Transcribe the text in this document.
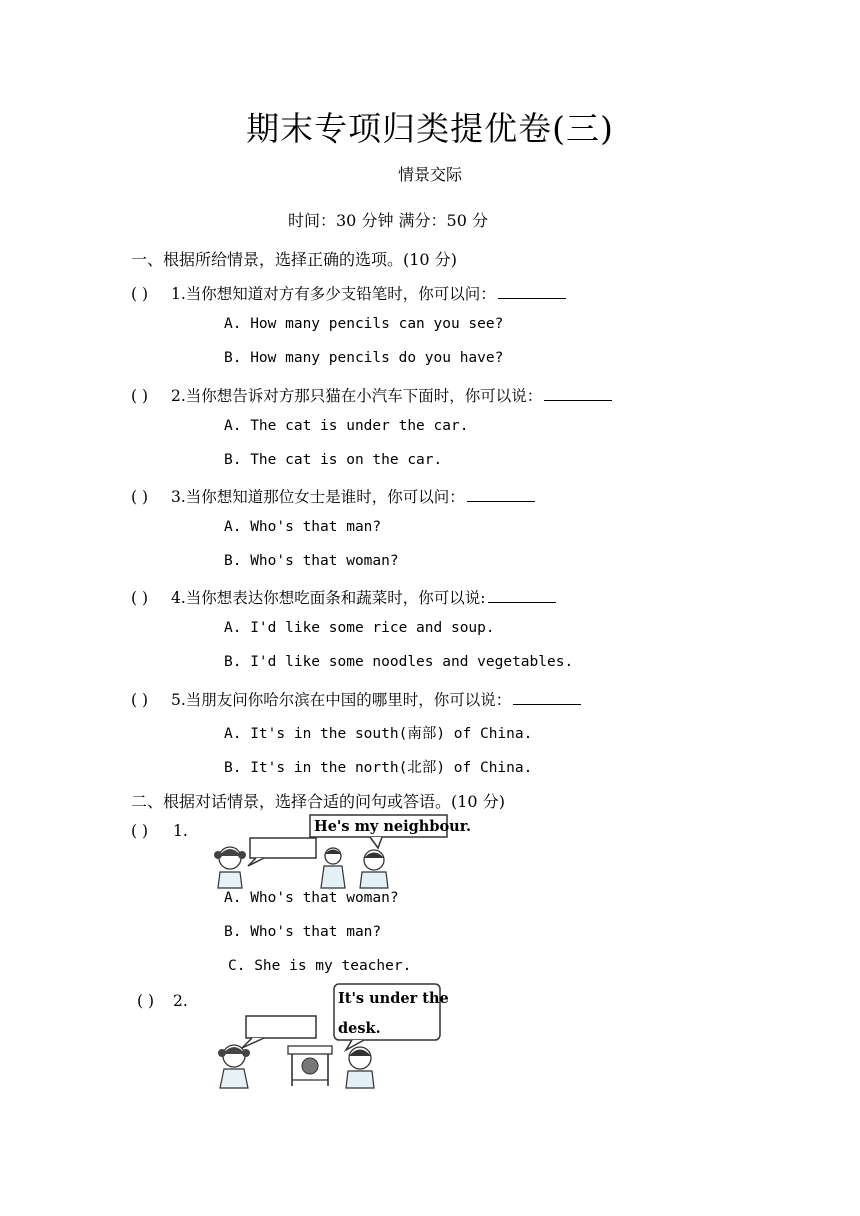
期末专项归类提优卷(三)
情景交际
时间：30 分钟 满分：50 分
一、根据所给情景，选择正确的选项。(10 分)
( ) 1.当你想知道对方有多少支铅笔时，你可以问：
A. How many pencils can you see?
B. How many pencils do you have?
( ) 2.当你想告诉对方那只猫在小汽车下面时，你可以说：
A. The cat is under the car.
B. The cat is on the car.
( ) 3.当你想知道那位女士是谁时，你可以问：
A. Who's that man?
B. Who's that woman?
( ) 4.当你想表达你想吃面条和蔬菜时，你可以说:
A. I'd like some rice and soup.
B. I'd like some noodles and vegetables.
( ) 5.当朋友问你哈尔滨在中国的哪里时，你可以说：
A. It's in the south(南部) of China.
B. It's in the north(北部) of China.
二、根据对话情景，选择合适的问句或答语。(10 分)
( ) 1.	He's my neighbour.
A. Who's that woman?
B. Who's that man?
C. She is my teacher.
( ) 2.	It's under the
desk.
